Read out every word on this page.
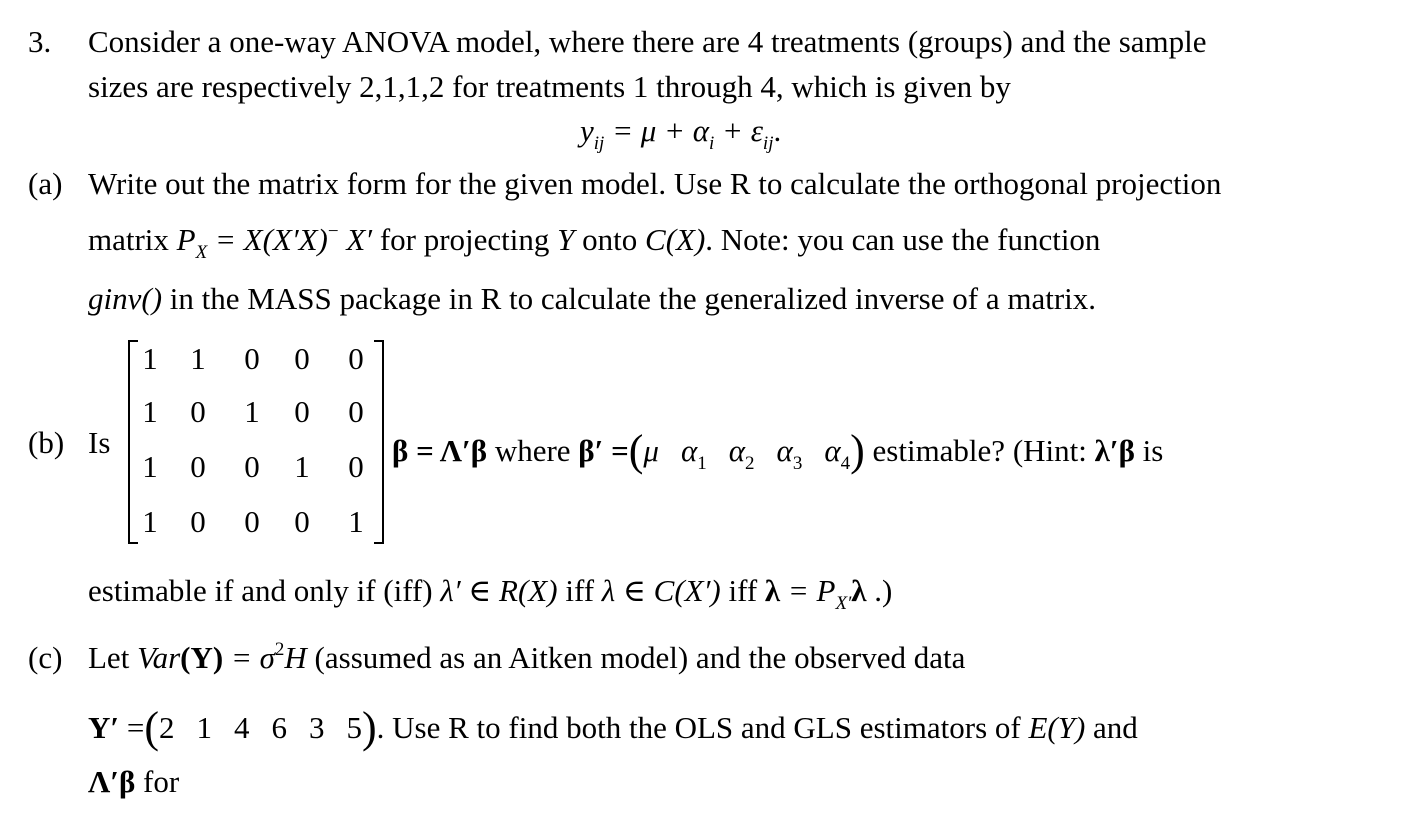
3. Consider a one-way ANOVA model, where there are 4 treatments (groups) and the sample
sizes are respectively 2,1,1,2 for treatments 1 through 4, which is given by
$y_{ij} = \mu + \alpha_i + \varepsilon_{ij}$.
(a) Write out the matrix form for the given model. Use R to calculate the orthogonal projection
matrix $P_X = X(X'X)^-$ X′ for projecting Y onto C(X). Note: you can use the function
ginv() in the MASS package in R to calculate the generalized inverse of a matrix.
(b) Is
1 1 0 0 0
1 0 1 0 0
1 0 0 1 0
1 0 0 0 1
β = Λ′β where β′ =(μ $\alpha_1$ $\alpha_2$ $\alpha_3$ $\alpha_4$) estimable? (Hint: λ′β is
estimable if and only if (iff) λ′ ∈ R(X) iff λ ∈ C(X′) iff $\lambda = P_{X'}\lambda$ .)
(c) Let $Var(Y) = \sigma^2H$ (assumed as an Aitken model) and the observed data
Y′ =(2 1 4 6 3 5). Use R to find both the OLS and GLS estimators of E(Y) and
Λ′β for
